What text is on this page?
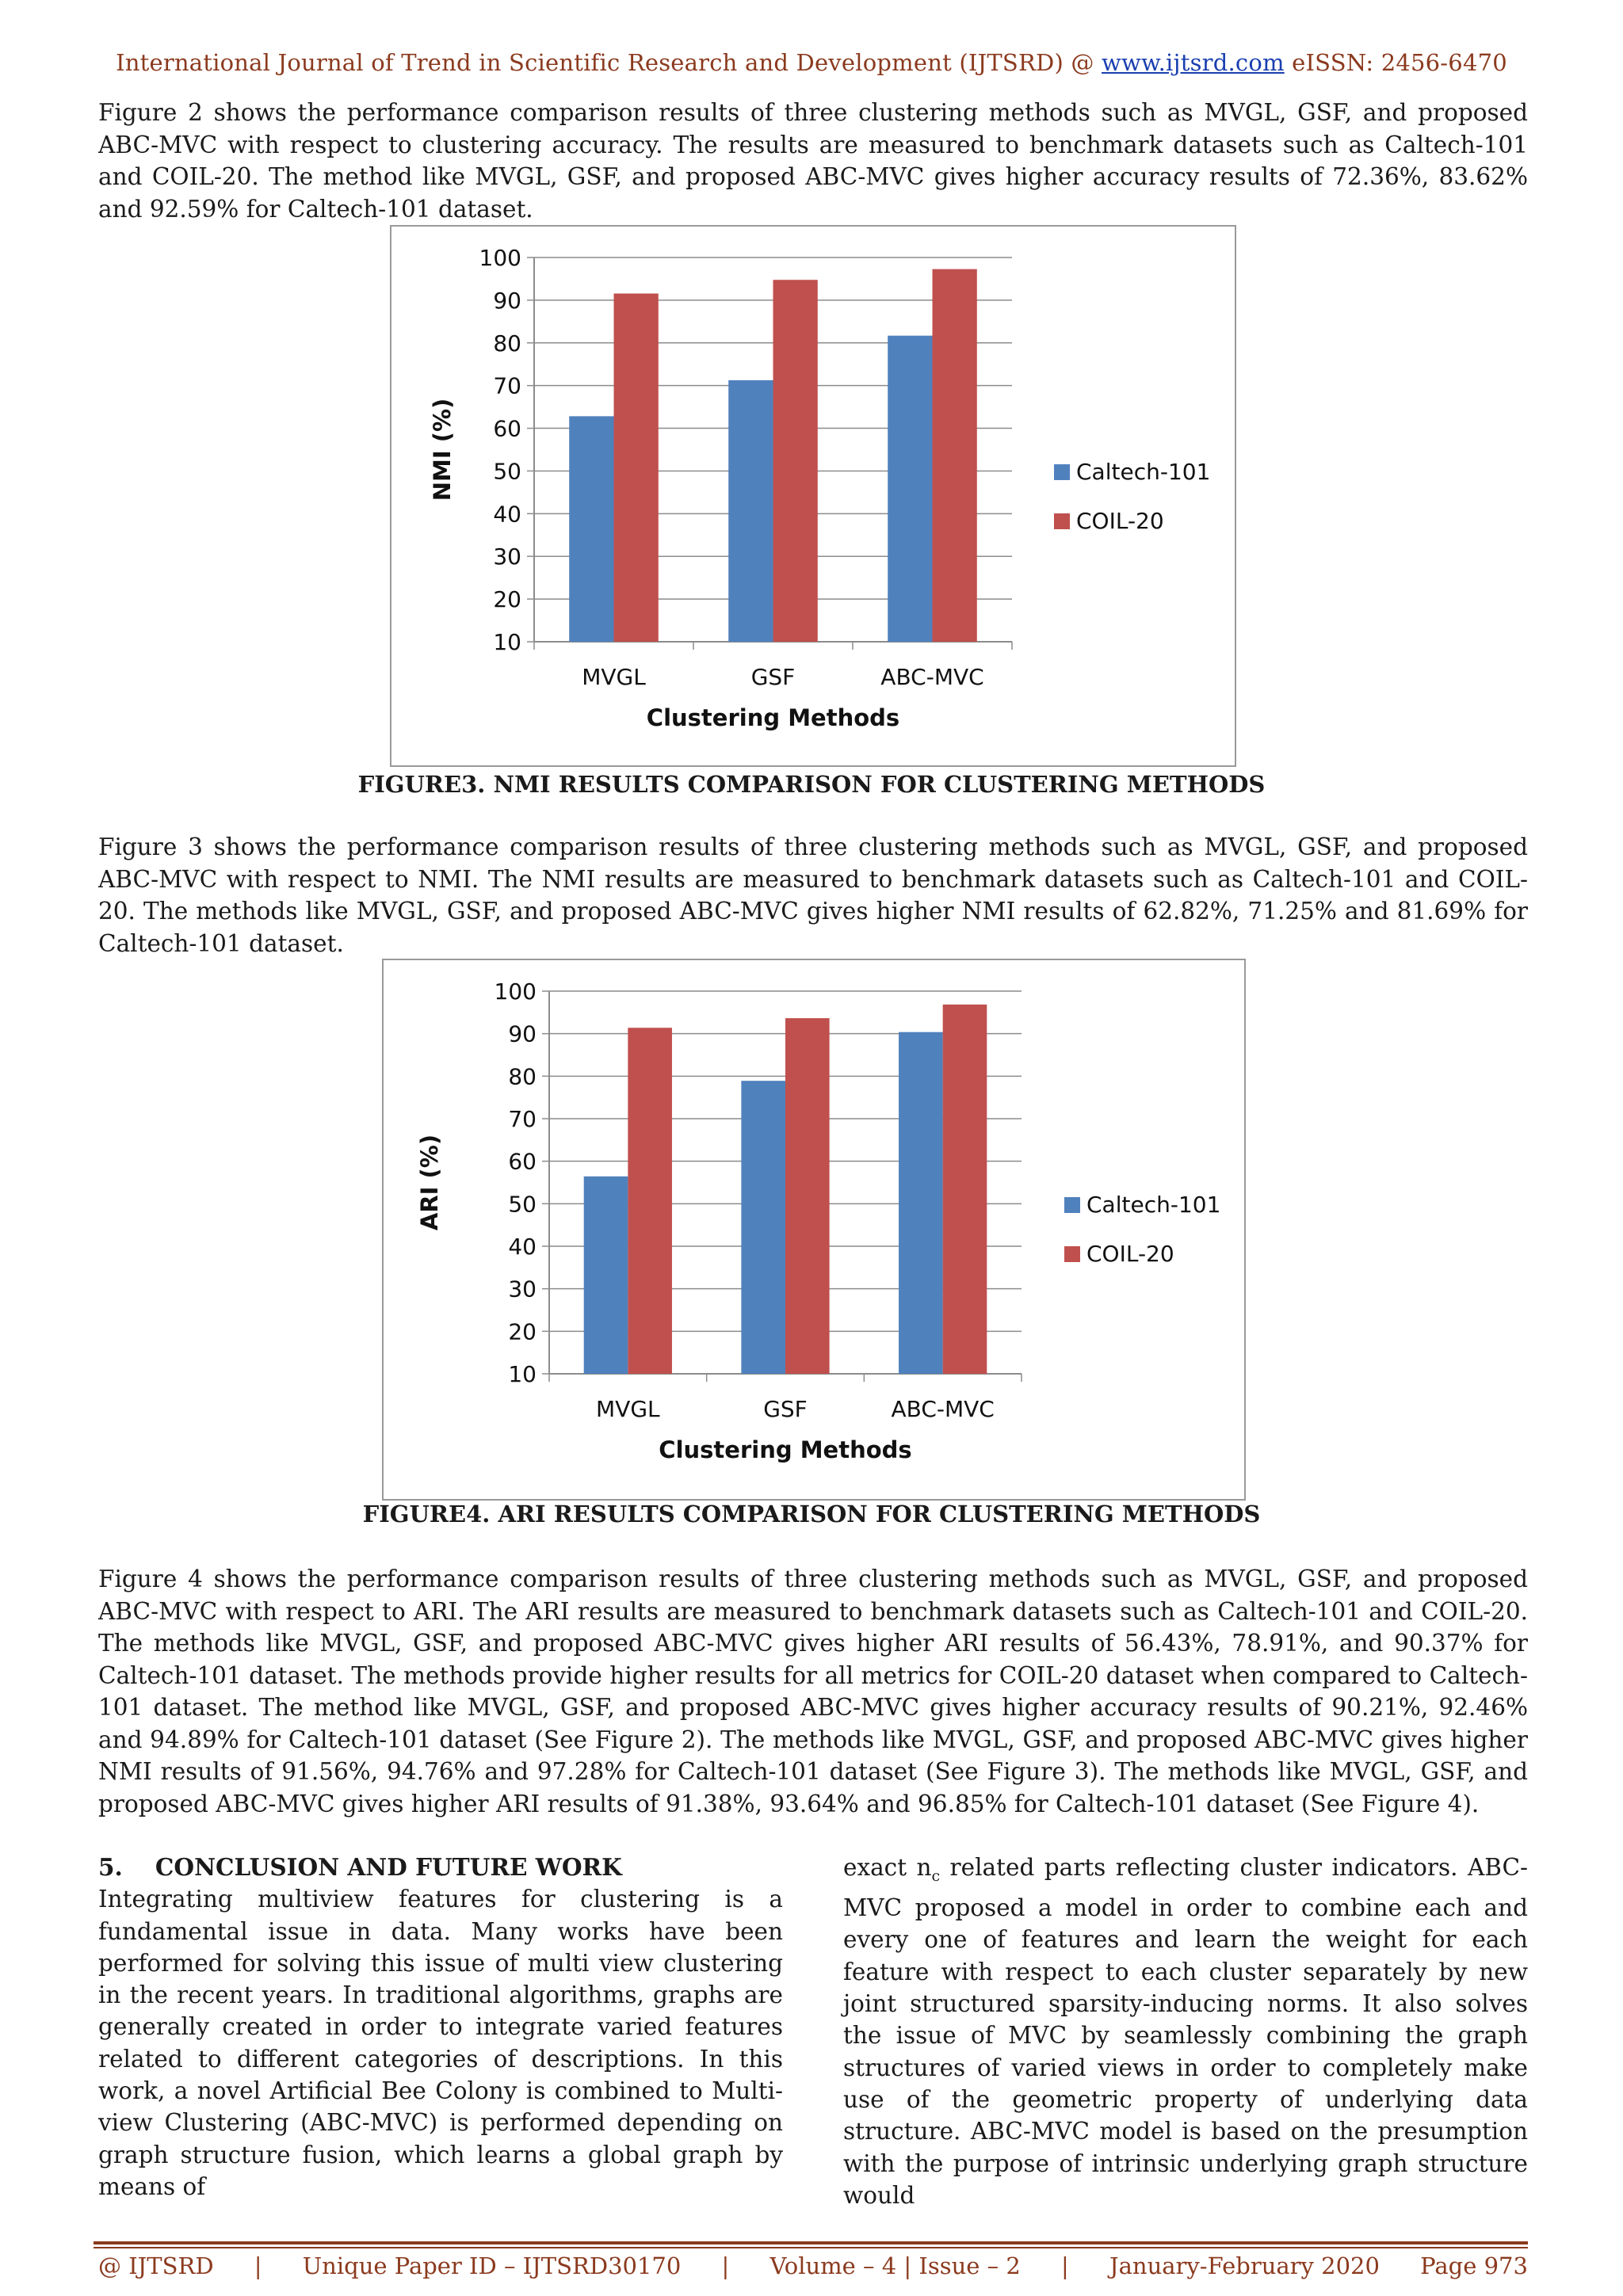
International Journal of Trend in Scientific Research and Development (IJTSRD) @ www.ijtsrd.com eISSN: 2456-6470

Figure 2 shows the performance comparison results of three clustering methods such as MVGL, GSF, and proposed ABC-MVC with respect to clustering accuracy. The results are measured to benchmark datasets such as Caltech-101 and COIL-20. The method like MVGL, GSF, and proposed ABC-MVC gives higher accuracy results of 72.36%, 83.62% and 92.59% for Caltech-101 dataset.

100
90
80
70
60
50
40
30
20
10
MVGL	GSF	ABC-MVC
Clustering Methods
NMI (%)	Caltech-101
COIL-20
FIGURE3. NMI RESULTS COMPARISON FOR CLUSTERING METHODS

Figure 3 shows the performance comparison results of three clustering methods such as MVGL, GSF, and proposed ABC-MVC with respect to NMI. The NMI results are measured to benchmark datasets such as Caltech-101 and COIL-20. The methods like MVGL, GSF, and proposed ABC-MVC gives higher NMI results of 62.82%, 71.25% and 81.69% for Caltech-101 dataset.

100
90
80
70
60
50
40
30
20
10
MVGL	GSF	ABC-MVC
Clustering Methods
ARI (%)	Caltech-101
COIL-20
FIGURE4. ARI RESULTS COMPARISON FOR CLUSTERING METHODS

Figure 4 shows the performance comparison results of three clustering methods such as MVGL, GSF, and proposed ABC-MVC with respect to ARI. The ARI results are measured to benchmark datasets such as Caltech-101 and COIL-20. The methods like MVGL, GSF, and proposed ABC-MVC gives higher ARI results of 56.43%, 78.91%, and 90.37% for Caltech-101 dataset. The methods provide higher results for all metrics for COIL-20 dataset when compared to Caltech-101 dataset. The method like MVGL, GSF, and proposed ABC-MVC gives higher accuracy results of 90.21%, 92.46% and 94.89% for Caltech-101 dataset (See Figure 2). The methods like MVGL, GSF, and proposed ABC-MVC gives higher NMI results of 91.56%, 94.76% and 97.28% for Caltech-101 dataset (See Figure 3). The methods like MVGL, GSF, and proposed ABC-MVC gives higher ARI results of 91.38%, 93.64% and 96.85% for Caltech-101 dataset (See Figure 4).

5. CONCLUSION AND FUTURE WORK
Integrating multiview features for clustering is a fundamental issue in data. Many works have been performed for solving this issue of multi view clustering in the recent years. In traditional algorithms, graphs are generally created in order to integrate varied features related to different categories of descriptions. In this work, a novel Artificial Bee Colony is combined to Multi-view Clustering (ABC-MVC) is performed depending on graph structure fusion, which learns a global graph by means of
exact $n_c$ related parts reflecting cluster indicators. ABC-MVC proposed a model in order to combine each and every one of features and learn the weight for each feature with respect to each cluster separately by new joint structured sparsity-inducing norms. It also solves the issue of MVC by seamlessly combining the graph structures of varied views in order to completely make use of the geometric property of underlying data structure. ABC-MVC model is based on the presumption with the purpose of intrinsic underlying graph structure would
@ IJTSRD | Unique Paper ID – IJTSRD30170 | Volume – 4 | Issue – 2 | January-February 2020 Page 973
